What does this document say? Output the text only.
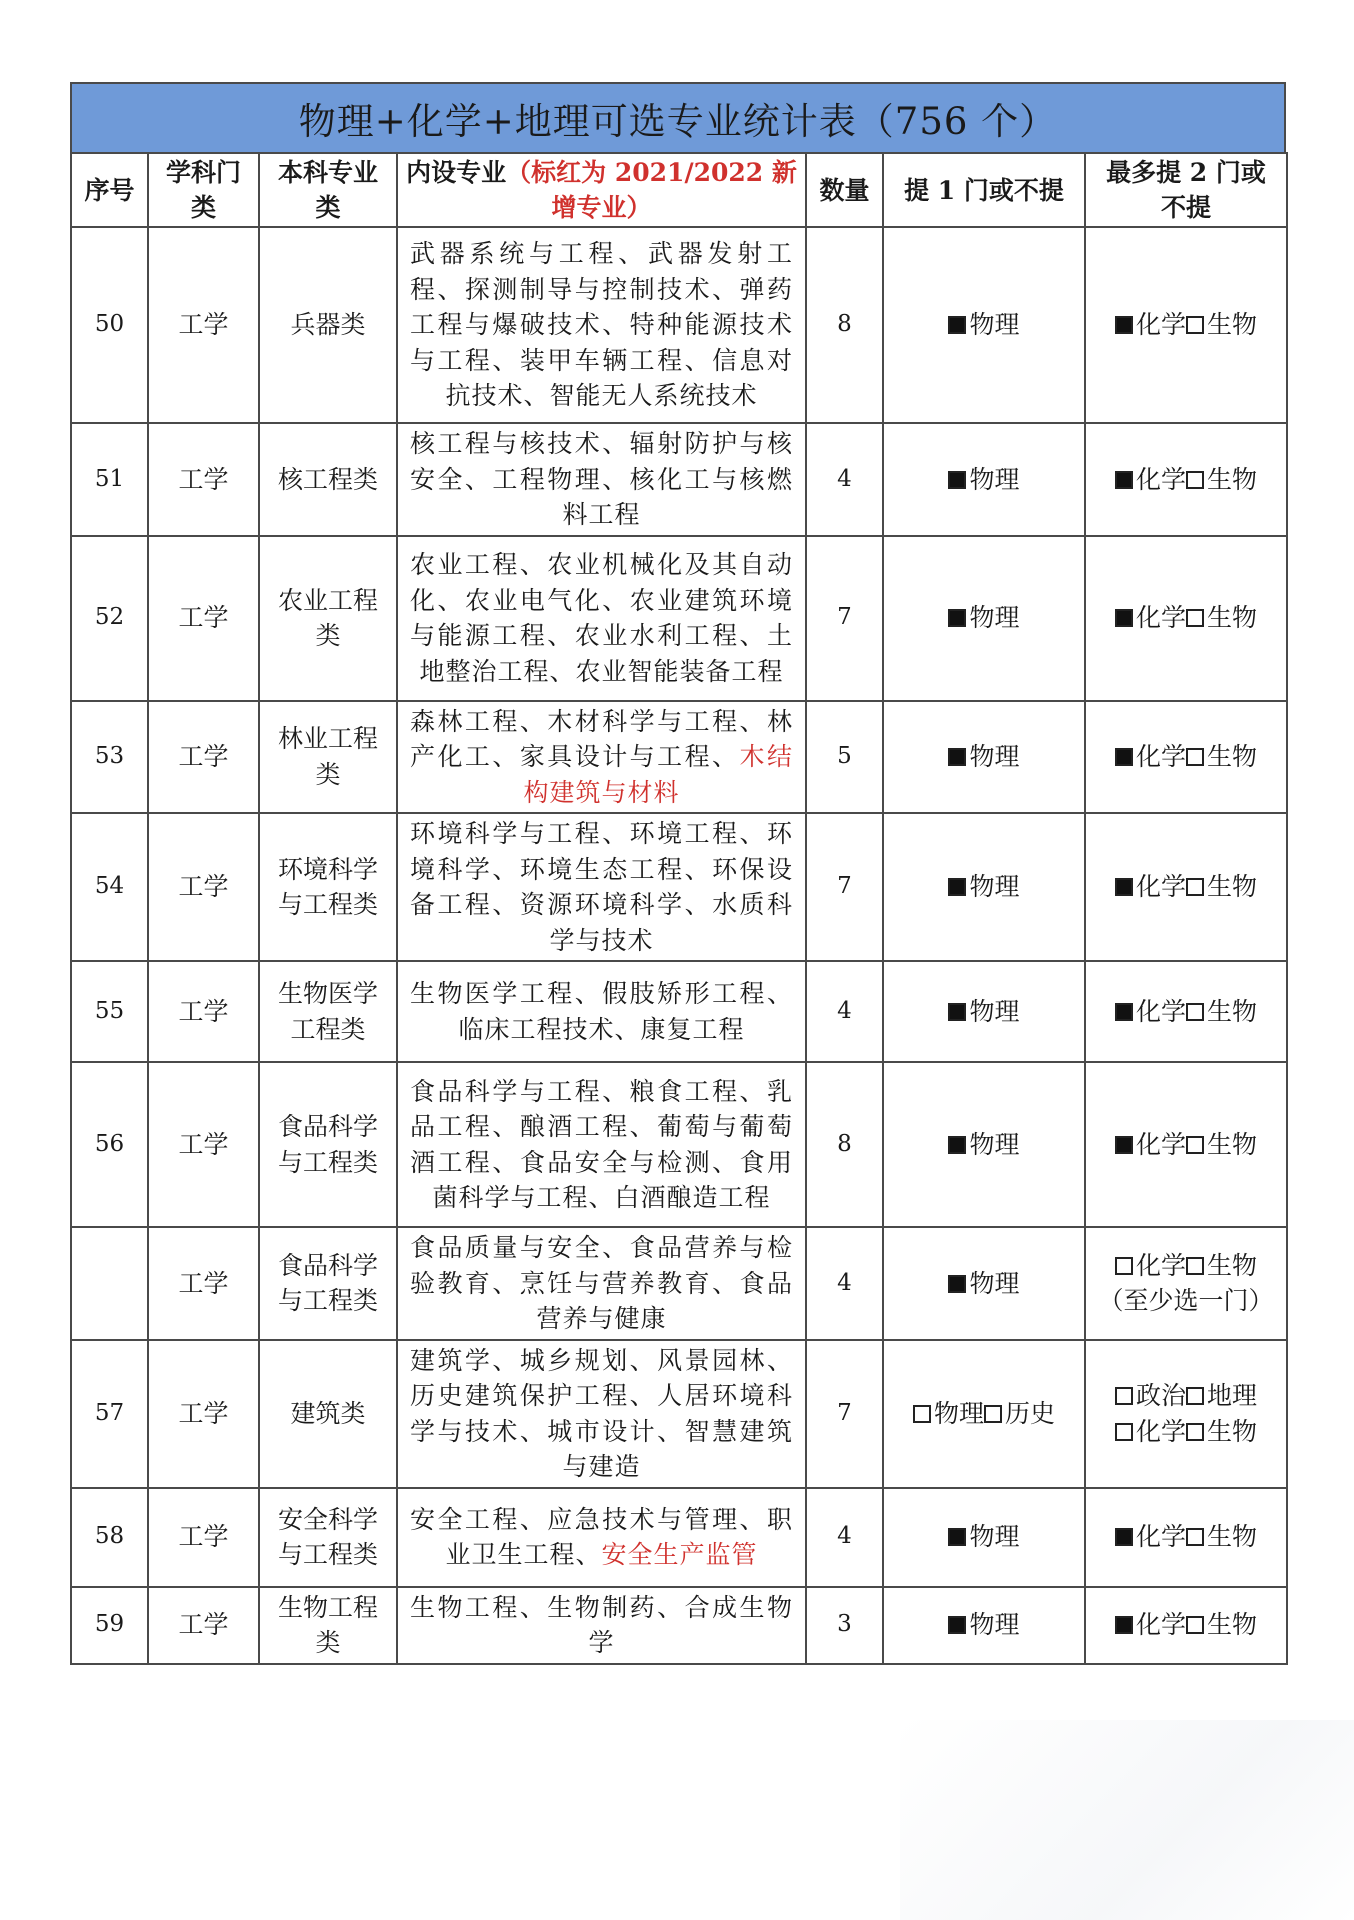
物理+化学+地理可选专业统计表（756 个）
序号	学科门类	本科专业类	内设专业（标红为 2021/2022 新增专业）	数量	提 1 门或不提	最多提 2 门或不提
50	工学	兵器类	武器系统与工程、武器发射工程、探测制导与控制技术、弹药工程与爆破技术、特种能源技术与工程、装甲车辆工程、信息对抗技术、智能无人系统技术	8	物理	化学 生物

51	工学	核工程类	核工程与核技术、辐射防护与核安全、工程物理、核化工与核燃料工程	4	物理	化学 生物

52	工学	农业工程类	农业工程、农业机械化及其自动化、农业电气化、农业建筑环境与能源工程、农业水利工程、土地整治工程、农业智能装备工程	7	物理	化学 生物

53	工学	林业工程类	森林工程、木材科学与工程、林产化工、家具设计与工程、木结构建筑与材料	5	物理	化学 生物

54	工学	环境科学与工程类	环境科学与工程、环境工程、环境科学、环境生态工程、环保设备工程、资源环境科学、水质科学与技术	7	物理	化学 生物

55	工学	生物医学工程类	生物医学工程、假肢矫形工程、临床工程技术、康复工程	4	物理	化学 生物

56	工学	食品科学与工程类	食品科学与工程、粮食工程、乳品工程、酿酒工程、葡萄与葡萄酒工程、食品安全与检测、食用菌科学与工程、白酒酿造工程	8	物理	化学 生物

	工学	食品科学与工程类	食品质量与安全、食品营养与检验教育、烹饪与营养教育、食品营养与健康	4	物理	化学 生物
（至少选一门）

57	工学	建筑类	建筑学、城乡规划、风景园林、历史建筑保护工程、人居环境科学与技术、城市设计、智慧建筑与建造	7	物理 历史	政治 地理
化学 生物

58	工学	安全科学与工程类	安全工程、应急技术与管理、职业卫生工程、安全生产监管	4	物理	化学 生物

59	工学	生物工程类	生物工程、生物制药、合成生物学	3	物理	化学 生物
